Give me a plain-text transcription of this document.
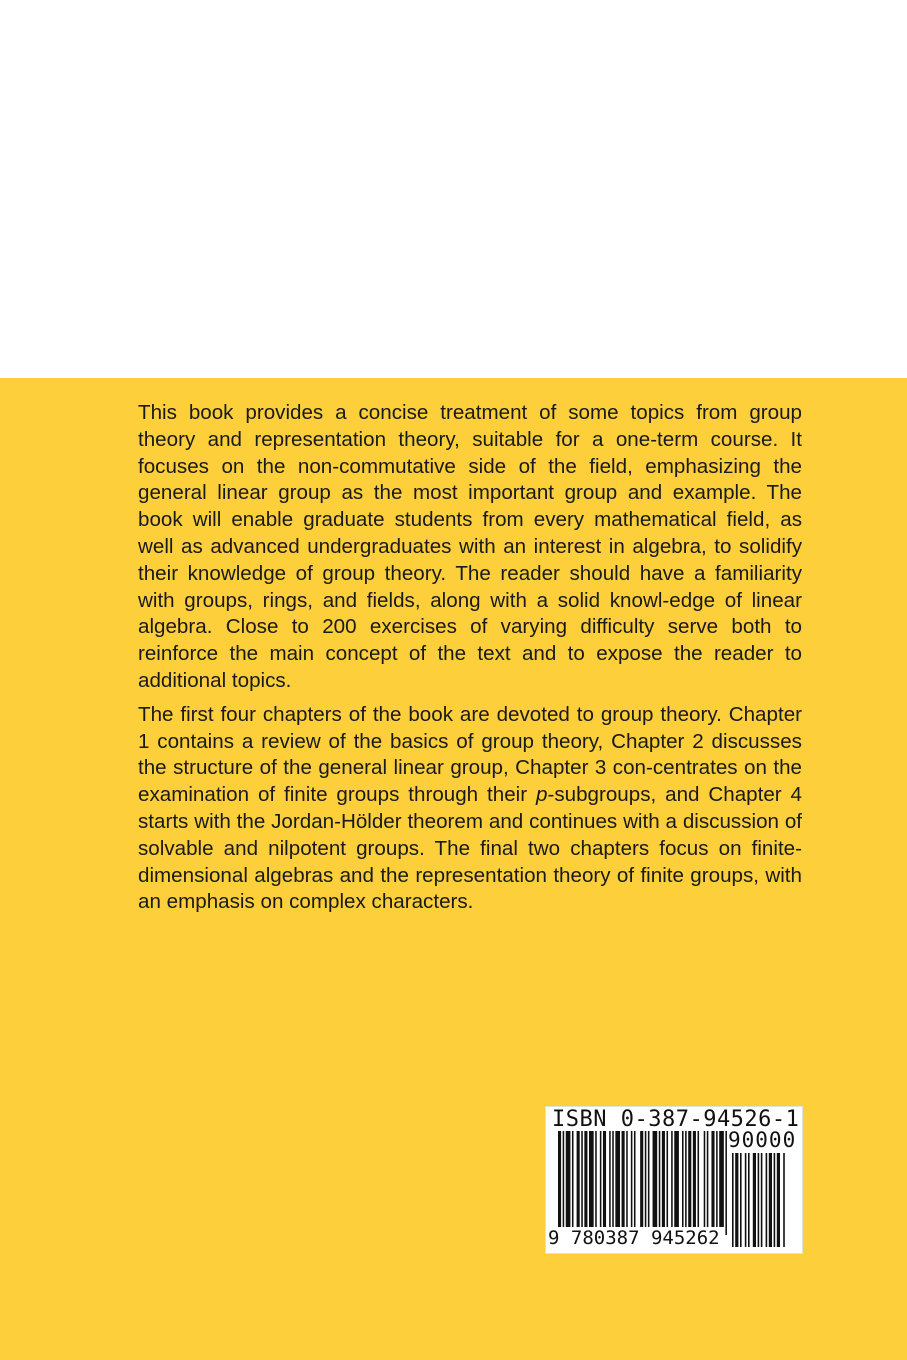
This book provides a concise treatment of some topics from group theory and representation theory, suitable for a one-term course. It focuses on the non-commutative side of the field, emphasizing the general linear group as the most important group and example. The book will enable graduate students from every mathematical field, as well as advanced undergraduates with an interest in algebra, to solidify their knowledge of group theory. The reader should have a familiarity with groups, rings, and fields, along with a solid knowl-edge of linear algebra. Close to 200 exercises of varying difficulty serve both to reinforce the main concept of the text and to expose the reader to additional topics.

The first four chapters of the book are devoted to group theory. Chapter 1 contains a review of the basics of group theory, Chapter 2 discusses the structure of the general linear group, Chapter 3 con-centrates on the examination of finite groups through their p-subgroups, and Chapter 4 starts with the Jordan-Hölder theorem and continues with a discussion of solvable and nilpotent groups. The final two chapters focus on finite-dimensional algebras and the representation theory of finite groups, with an emphasis on complex characters.

ISBN 0-387-94526-1
90000
9 780387 945262
